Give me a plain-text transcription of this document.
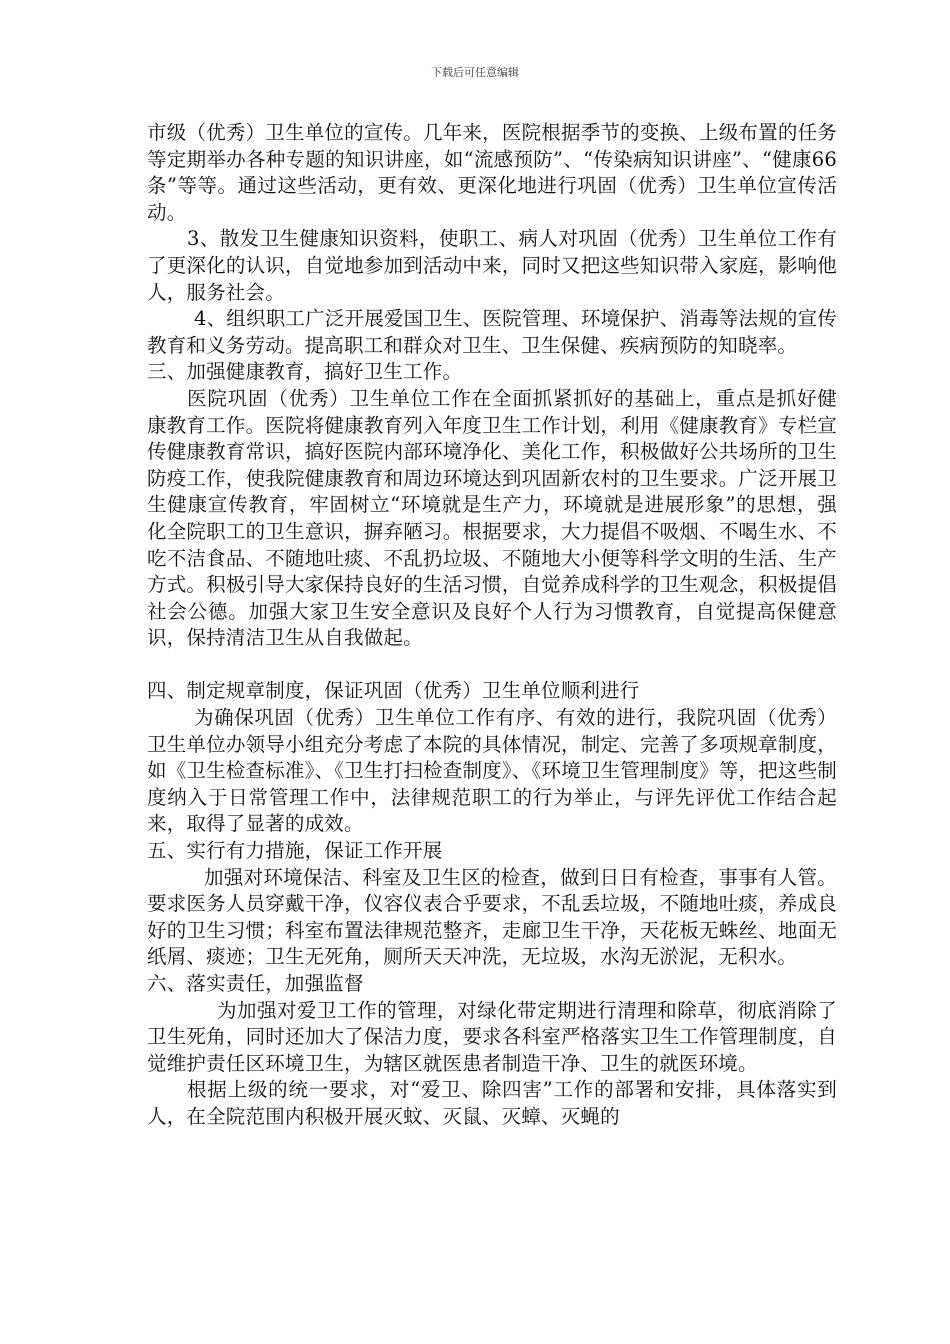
下载后可任意编辑

市级（优秀）卫生单位的宣传。几年来，医院根据季节的变换、上级布置的任务等定期举办各种专题的知识讲座，如“流感预防”、“传染病知识讲座”、“健康66条”等等。通过这些活动，更有效、更深化地进行巩固（优秀）卫生单位宣传活动。

3、散发卫生健康知识资料，使职工、病人对巩固（优秀）卫生单位工作有了更深化的认识，自觉地参加到活动中来，同时又把这些知识带入家庭，影响他人，服务社会。

4、组织职工广泛开展爱国卫生、医院管理、环境保护、消毒等法规的宣传教育和义务劳动。提高职工和群众对卫生、卫生保健、疾病预防的知晓率。

三、加强健康教育，搞好卫生工作。

医院巩固（优秀）卫生单位工作在全面抓紧抓好的基础上，重点是抓好健康教育工作。医院将健康教育列入年度卫生工作计划，利用《健康教育》专栏宣传健康教育常识，搞好医院内部环境净化、美化工作，积极做好公共场所的卫生防疫工作，使我院健康教育和周边环境达到巩固新农村的卫生要求。广泛开展卫生健康宣传教育，牢固树立“环境就是生产力，环境就是进展形象”的思想，强化全院职工的卫生意识，摒弃陋习。根据要求，大力提倡不吸烟、不喝生水、不吃不洁食品、不随地吐痰、不乱扔垃圾、不随地大小便等科学文明的生活、生产方式。积极引导大家保持良好的生活习惯，自觉养成科学的卫生观念，积极提倡社会公德。加强大家卫生安全意识及良好个人行为习惯教育，自觉提高保健意识，保持清洁卫生从自我做起。

四、制定规章制度，保证巩固（优秀）卫生单位顺利进行

为确保巩固（优秀）卫生单位工作有序、有效的进行，我院巩固（优秀）卫生单位办领导小组充分考虑了本院的具体情况，制定、完善了多项规章制度，如《卫生检查标准》、《卫生打扫检查制度》、《环境卫生管理制度》等，把这些制度纳入于日常管理工作中，法律规范职工的行为举止，与评先评优工作结合起来，取得了显著的成效。

五、实行有力措施，保证工作开展

加强对环境保洁、科室及卫生区的检查，做到日日有检查，事事有人管。要求医务人员穿戴干净，仪容仪表合乎要求，不乱丢垃圾，不随地吐痰，养成良好的卫生习惯；科室布置法律规范整齐，走廊卫生干净，天花板无蛛丝、地面无纸屑、痰迹；卫生无死角，厕所天天冲洗，无垃圾，水沟无淤泥，无积水。

六、落实责任，加强监督

为加强对爱卫工作的管理，对绿化带定期进行清理和除草，彻底消除了卫生死角，同时还加大了保洁力度，要求各科室严格落实卫生工作管理制度，自觉维护责任区环境卫生，为辖区就医患者制造干净、卫生的就医环境。

根据上级的统一要求，对“爱卫、除四害”工作的部署和安排，具体落实到人，在全院范围内积极开展灭蚊、灭鼠、灭蟑、灭蝇的
